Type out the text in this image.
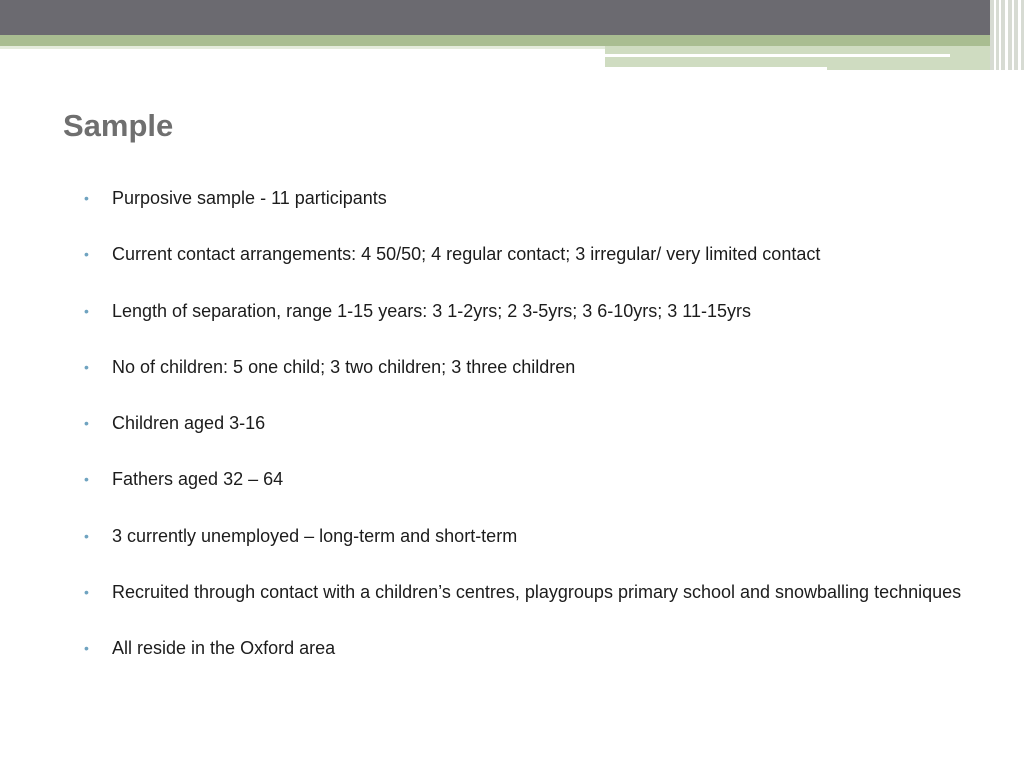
Sample
•	Purposive sample - 11 participants
•	Current contact arrangements: 4 50/50; 4 regular contact; 3 irregular/ very limited contact
•	Length of separation, range 1-15 years: 3 1-2yrs; 2 3-5yrs; 3 6-10yrs; 3 11-15yrs
•	No of children: 5 one child; 3 two children; 3 three children
•	Children aged 3-16
•	Fathers aged 32 – 64
•	3 currently unemployed – long-term and short-term
•	Recruited through contact with a children’s centres, playgroups primary school and snowballing techniques
•	All reside in the Oxford area
